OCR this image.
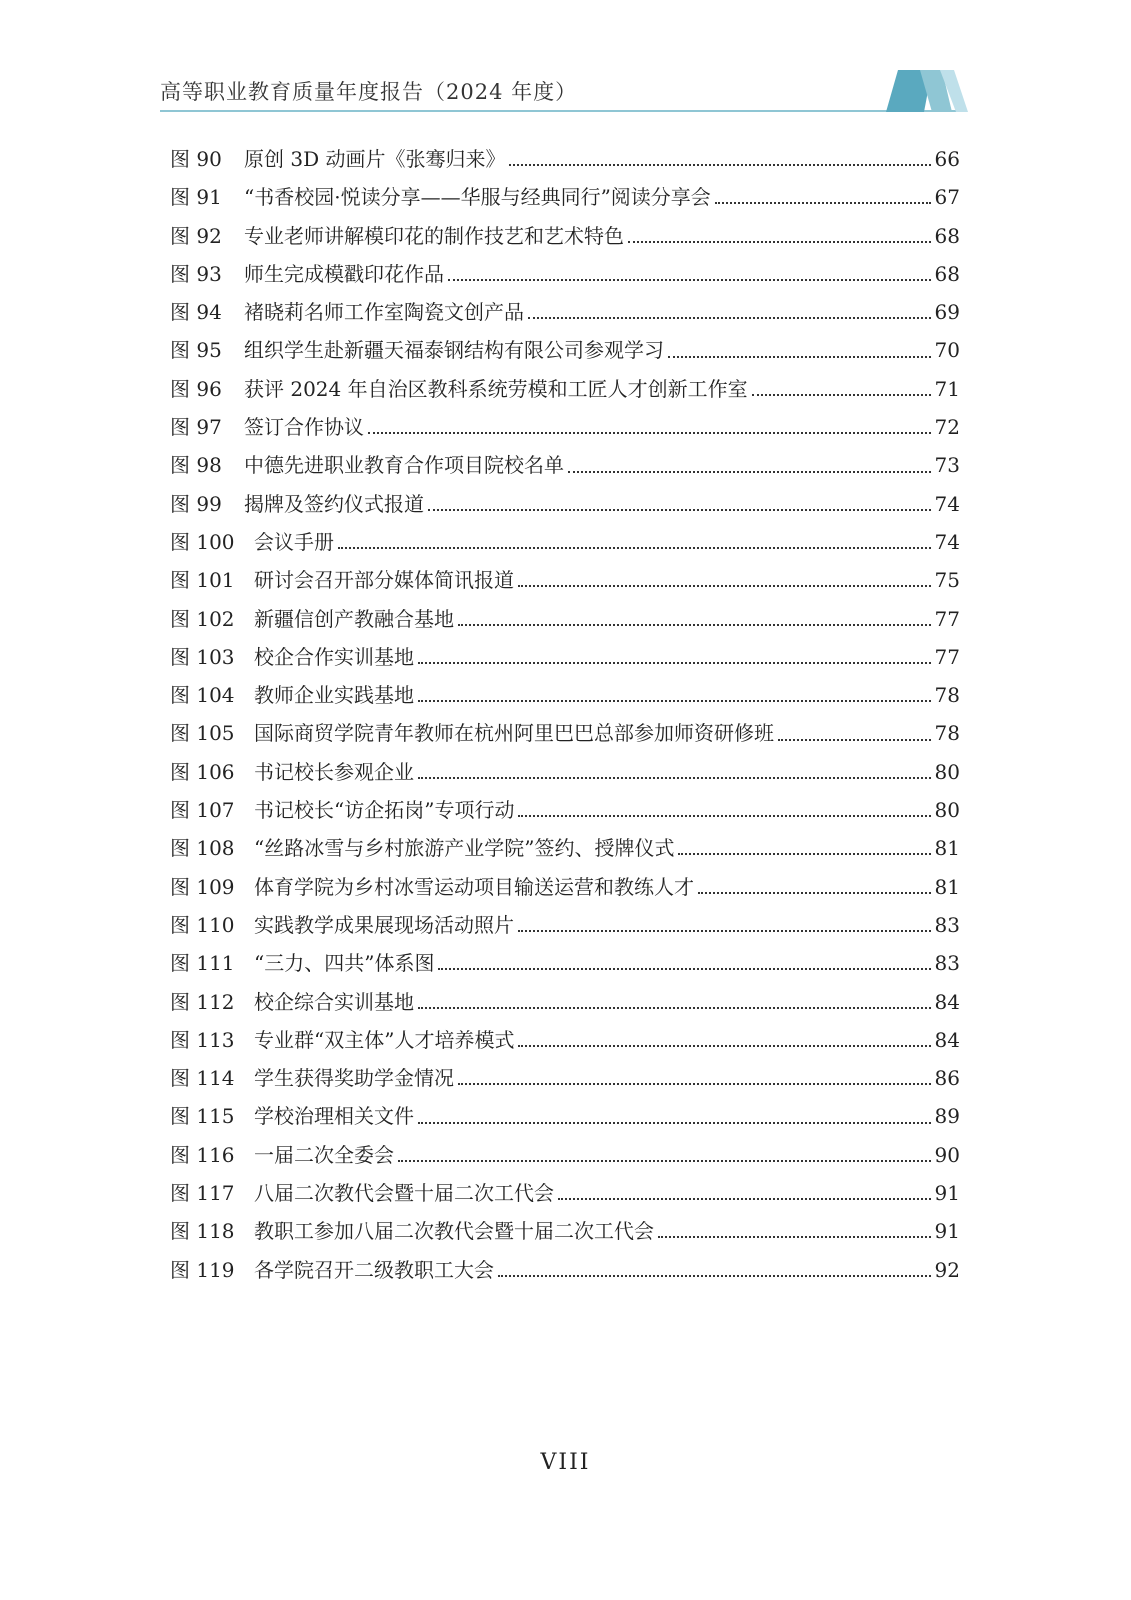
高等职业教育质量年度报告（2024 年度）
图 90	原创 3D 动画片《张骞归来》	66
图 91	“书香校园·悦读分享——华服与经典同行”阅读分享会	67
图 92	专业老师讲解模印花的制作技艺和艺术特色	68
图 93	师生完成模戳印花作品	68
图 94	褚晓莉名师工作室陶瓷文创产品	69
图 95	组织学生赴新疆天福泰钢结构有限公司参观学习	70
图 96	获评 2024 年自治区教科系统劳模和工匠人才创新工作室	71
图 97	签订合作协议	72
图 98	中德先进职业教育合作项目院校名单	73
图 99	揭牌及签约仪式报道	74
图 100 会议手册	74
图 101 研讨会召开部分媒体简讯报道	75
图 102 新疆信创产教融合基地	77
图 103 校企合作实训基地	77
图 104 教师企业实践基地	78
图 105 国际商贸学院青年教师在杭州阿里巴巴总部参加师资研修班	78
图 106 书记校长参观企业	80
图 107 书记校长“访企拓岗”专项行动	80
图 108 “丝路冰雪与乡村旅游产业学院”签约、授牌仪式	81
图 109 体育学院为乡村冰雪运动项目输送运营和教练人才	81
图 110 实践教学成果展现场活动照片	83
图 111 “三力、四共”体系图	83
图 112 校企综合实训基地	84
图 113 专业群“双主体”人才培养模式	84
图 114 学生获得奖助学金情况	86
图 115 学校治理相关文件	89
图 116 一届二次全委会	90
图 117 八届二次教代会暨十届二次工代会	91
图 118 教职工参加八届二次教代会暨十届二次工代会	91
图 119 各学院召开二级教职工大会	92
VIII
